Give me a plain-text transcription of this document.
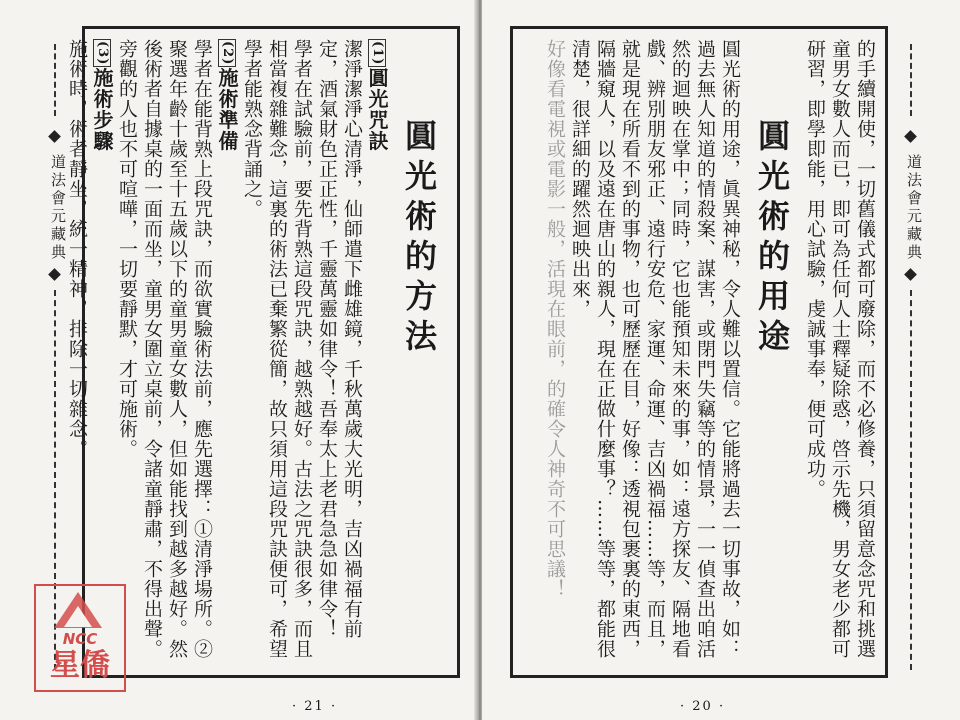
道法會元藏典	圓光術的方法

(1)圓光咒訣

潔淨潔淨心清淨，仙師遣下雌雄鏡，千秋萬歲大光明，吉凶禍福有前定，酒氣財色正正性，千靈萬靈如律令！吾奉太上老君急急如律令！

學者在試驗前，要先背熟這段咒訣，越熟越好。古法之咒訣很多，而且相當複雜難念，這裏的術法已棄繁從簡，故只須用這段咒訣便可，希望學者能熟念背誦之。

(2)施術準備

學者在能背熟上段咒訣，而欲實驗術法前，應先選擇：①清淨場所。②聚選年齡十歲至十五歲以下的童男童女數人，但如能找到越多越好。然後術者自據桌的一面而坐，童男女圍立桌前，令諸童靜肅，不得出聲。旁觀的人也不可喧嘩，一切要靜默，才可施術。

(3)施術步驟

施術時，術者靜坐，統一精神，排除一切雜念。

· 21 ·
NCC
星僑

的手續開使，一切舊儀式都可廢除，而不必修養，只須留意念咒和挑選童男女數人而已，即可為任何人士釋疑除惑，啓示先機，男女老少都可研習，即學即能，用心試驗，虔誠事奉，便可成功。

圓光術的用途

圓光術的用途，眞異神秘，令人難以置信。它能將過去一切事故，如：過去無人知道的情殺案、謀害，或閉門失竊等的情景，一一偵查出咱活然的迴映在掌中；同時，它也能預知未來的事，如：遠方探友、隔地看戲、辨別朋友邪正、遠行安危、家運、命運、吉凶禍福……等，而且，就是現在所看不到的事物，也可歷歷在目，好像：透視包裹裏的東西，隔牆窺人，以及遠在唐山的親人，現在正做什麼事？……等等，都能很清楚，很詳細的躍然迴映出來，

好像看電視或電影一般，活現在眼前，的確令人神奇不可思議！	道法會元藏典
· 20 ·
